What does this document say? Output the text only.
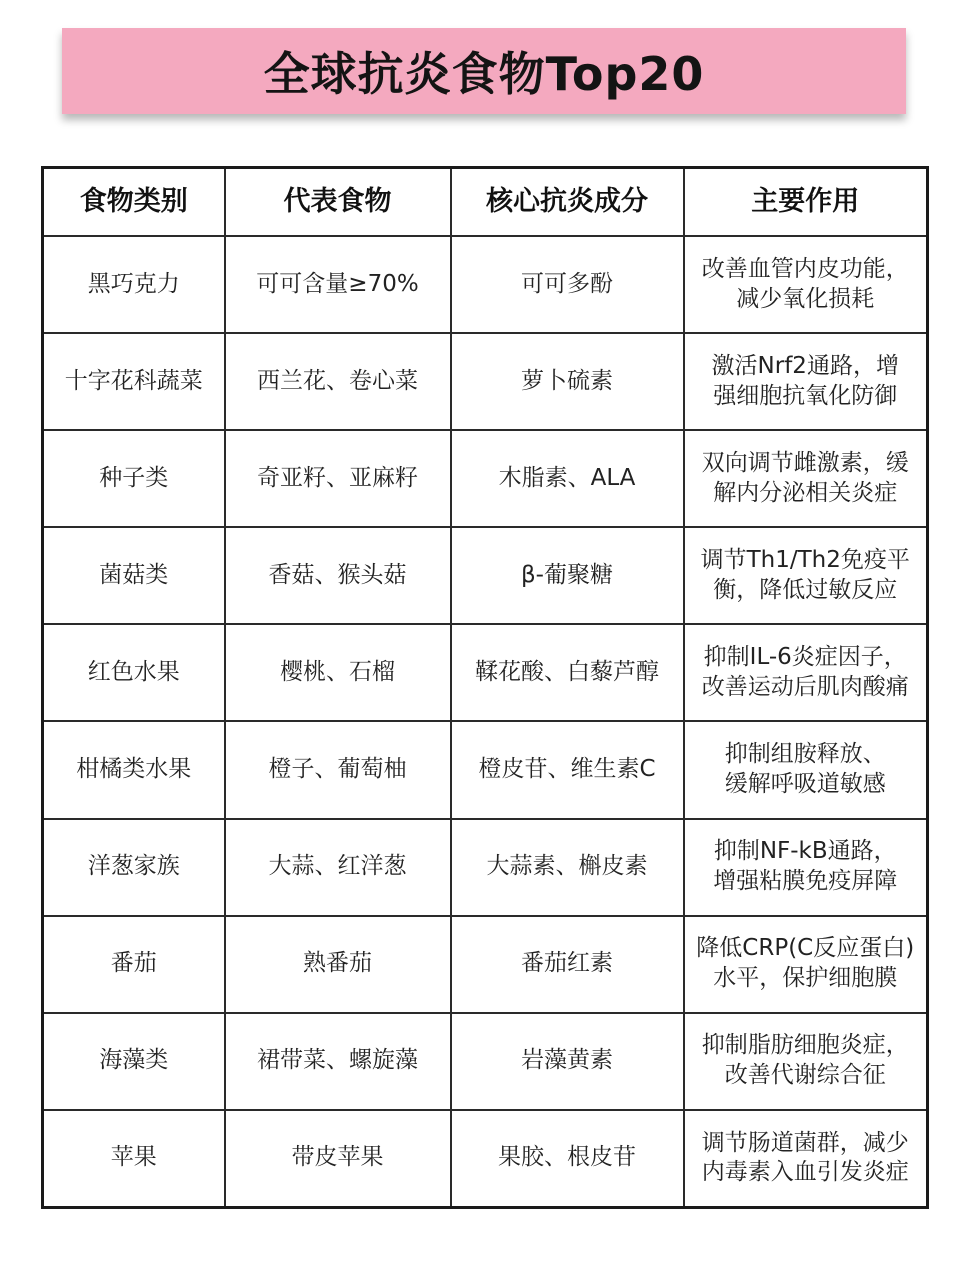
全球抗炎食物Top20
食物类别	代表食物	核心抗炎成分	主要作用
黑巧克力	可可含量≥70%	可可多酚	改善血管内皮功能，
减少氧化损耗
十字花科蔬菜	西兰花、卷心菜	萝卜硫素	激活Nrf2通路，增
强细胞抗氧化防御
种子类	奇亚籽、亚麻籽	木脂素、ALA	双向调节雌激素，缓
解内分泌相关炎症
菌菇类	香菇、猴头菇	β-葡聚糖	调节Th1/Th2免疫平
衡，降低过敏反应
红色水果	樱桃、石榴	鞣花酸、白藜芦醇	抑制IL-6炎症因子，
改善运动后肌肉酸痛
柑橘类水果	橙子、葡萄柚	橙皮苷、维生素C	抑制组胺释放、
缓解呼吸道敏感
洋葱家族	大蒜、红洋葱	大蒜素、槲皮素	抑制NF-kB通路，
增强粘膜免疫屏障
番茄	熟番茄	番茄红素	降低CRP(C反应蛋白)
水平，保护细胞膜
海藻类	裙带菜、螺旋藻	岩藻黄素	抑制脂肪细胞炎症，
改善代谢综合征
苹果	带皮苹果	果胶、根皮苷	调节肠道菌群，减少
内毒素入血引发炎症
